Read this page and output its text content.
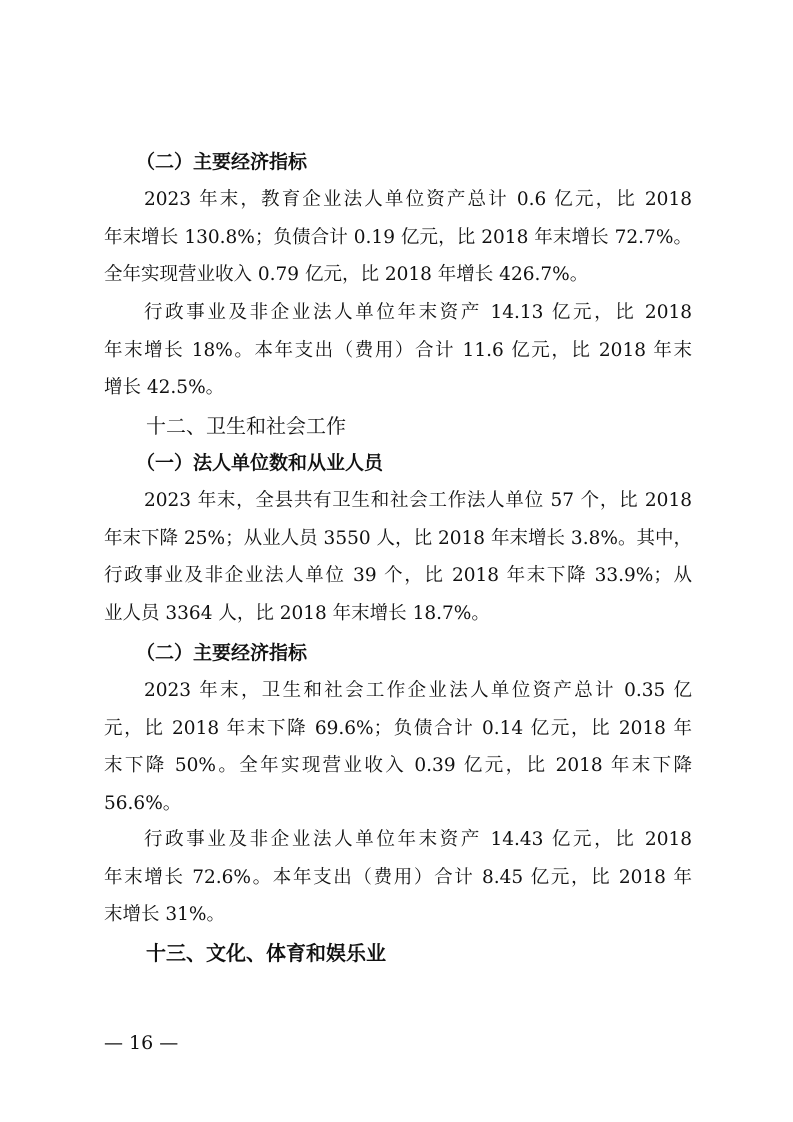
（二）主要经济指标
2023 年末，教育企业法人单位资产总计 0.6 亿元，比 2018
年末增长 130.8%；负债合计 0.19 亿元，比 2018 年末增长 72.7%。
全年实现营业收入 0.79 亿元，比 2018 年增长 426.7%。
行政事业及非企业法人单位年末资产 14.13 亿元，比 2018
年末增长 18%。本年支出（费用）合计 11.6 亿元，比 2018 年末
增长 42.5%。
十二、卫生和社会工作
（一）法人单位数和从业人员
2023 年末，全县共有卫生和社会工作法人单位 57 个，比 2018
年末下降 25%；从业人员 3550 人，比 2018 年末增长 3.8%。其中，
行政事业及非企业法人单位 39 个，比 2018 年末下降 33.9%；从
业人员 3364 人，比 2018 年末增长 18.7%。
（二）主要经济指标
2023 年末，卫生和社会工作企业法人单位资产总计 0.35 亿
元，比 2018 年末下降 69.6%；负债合计 0.14 亿元，比 2018 年
末下降 50%。全年实现营业收入 0.39 亿元，比 2018 年末下降
56.6%。
行政事业及非企业法人单位年末资产 14.43 亿元，比 2018
年末增长 72.6%。本年支出（费用）合计 8.45 亿元，比 2018 年
末增长 31%。
十三、文化、体育和娱乐业
— 16 —
